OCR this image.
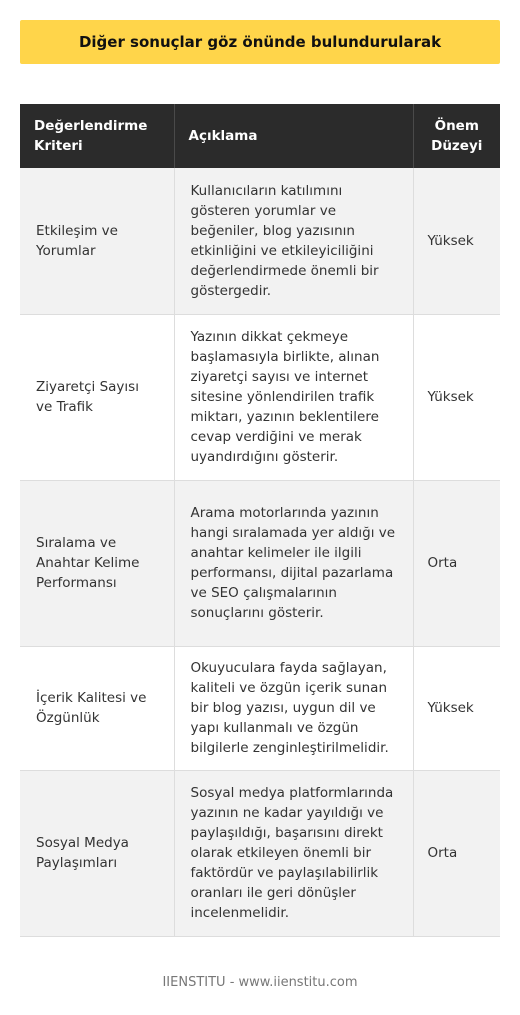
Diğer sonuçlar göz önünde bulundurularak
Değerlendirme Kriteri	Açıklama	Önem Düzeyi
Etkileşim ve Yorumlar	Kullanıcıların katılımını gösteren yorumlar ve beğeniler, blog yazısının etkinliğini ve etkileyiciliğini değerlendirmede önemli bir göstergedir.	Yüksek
Ziyaretçi Sayısı ve Trafik	Yazının dikkat çekmeye başlamasıyla birlikte, alınan ziyaretçi sayısı ve internet sitesine yönlendirilen trafik miktarı, yazının beklentilere cevap verdiğini ve merak uyandırdığını gösterir.	Yüksek
Sıralama ve Anahtar Kelime Performansı	Arama motorlarında yazının hangi sıralamada yer aldığı ve anahtar kelimeler ile ilgili performansı, dijital pazarlama ve SEO çalışmalarının sonuçlarını gösterir.	Orta
İçerik Kalitesi ve Özgünlük	Okuyuculara fayda sağlayan, kaliteli ve özgün içerik sunan bir blog yazısı, uygun dil ve yapı kullanmalı ve özgün bilgilerle zenginleştirilmelidir.	Yüksek
Sosyal Medya Paylaşımları	Sosyal medya platformlarında yazının ne kadar yayıldığı ve paylaşıldığı, başarısını direkt olarak etkileyen önemli bir faktördür ve paylaşılabilirlik oranları ile geri dönüşler incelenmelidir.	Orta
IIENSTITU - www.iienstitu.com
